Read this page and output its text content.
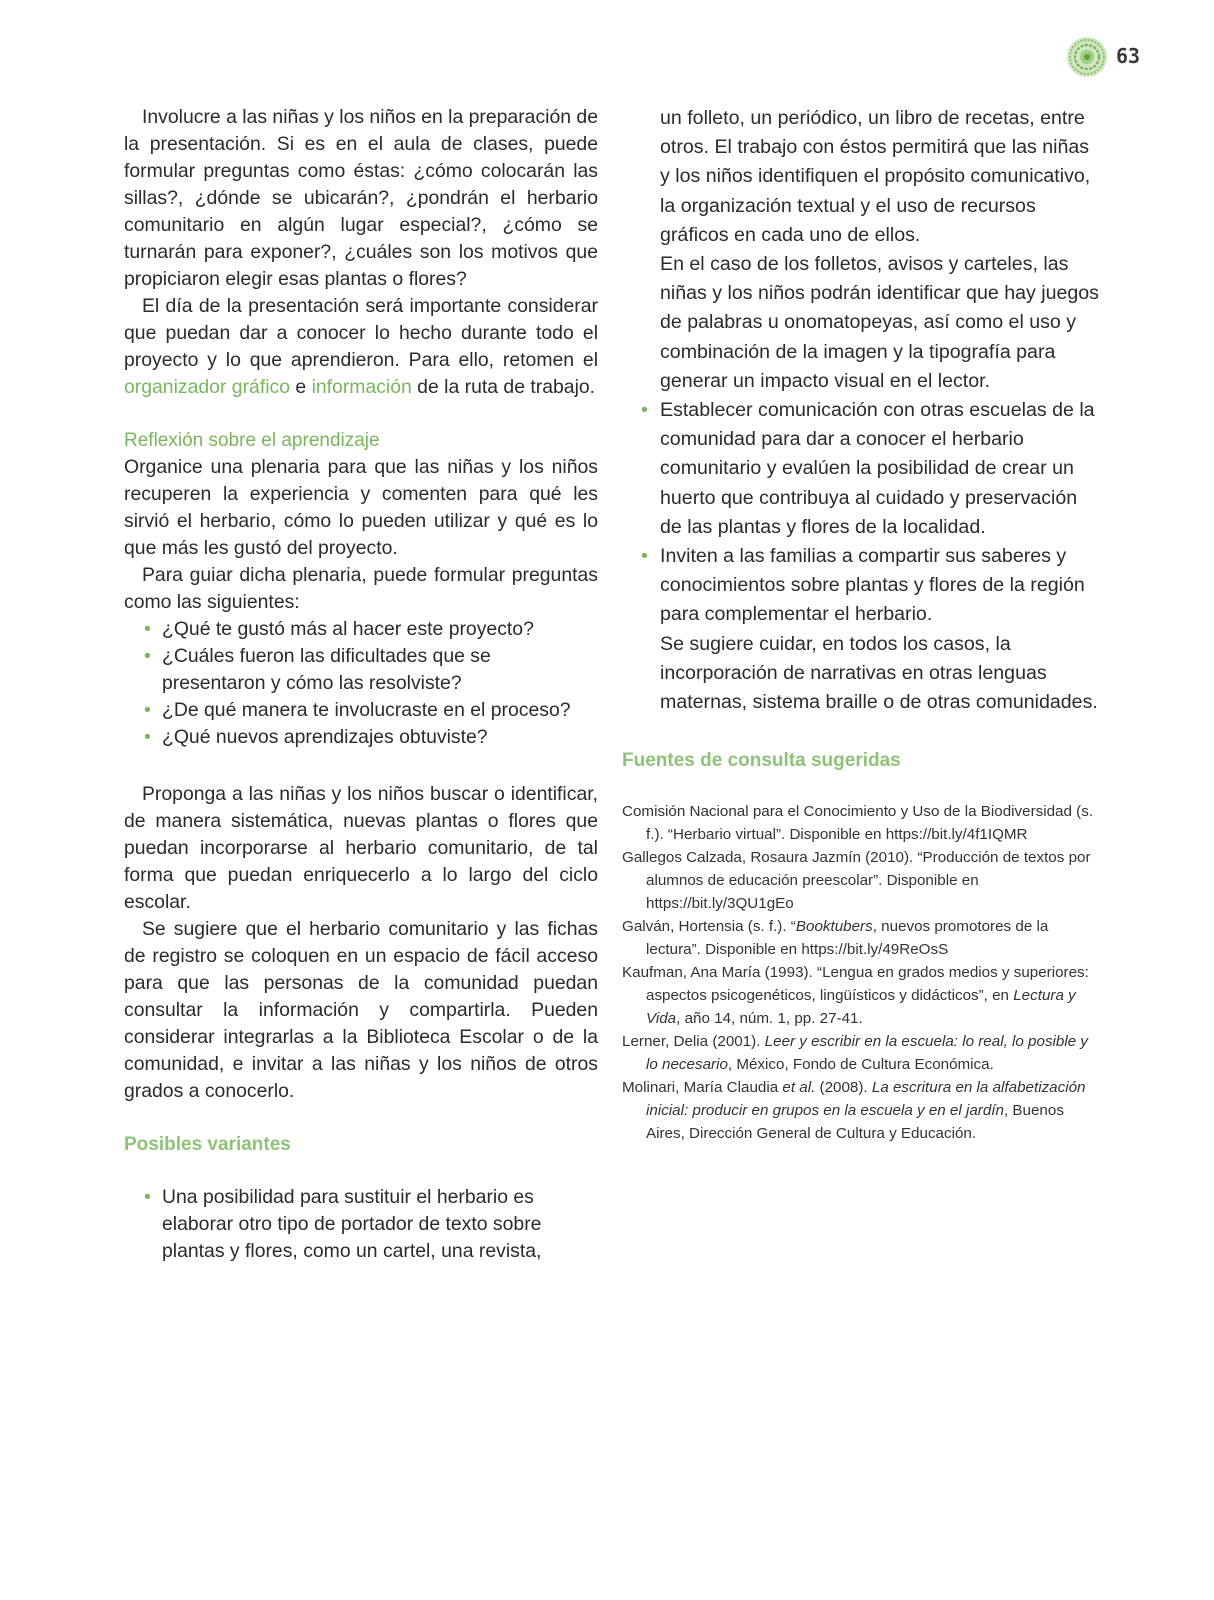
63

Involucre a las niñas y los niños en la preparación de la presentación. Si es en el aula de clases, puede formular preguntas como éstas: ¿cómo colocarán las sillas?, ¿dónde se ubicarán?, ¿pondrán el herbario comunitario en algún lugar especial?, ¿cómo se turnarán para exponer?, ¿cuáles son los motivos que propiciaron elegir esas plantas o flores?

El día de la presentación será importante considerar que puedan dar a conocer lo hecho durante todo el proyecto y lo que aprendieron. Para ello, retomen el organizador gráfico e información de la ruta de trabajo.

Reflexión sobre el aprendizaje

Organice una plenaria para que las niñas y los niños recuperen la experiencia y comenten para qué les sirvió el herbario, cómo lo pueden utilizar y qué es lo que más les gustó del proyecto.

Para guiar dicha plenaria, puede formular preguntas como las siguientes:

• ¿Qué te gustó más al hacer este proyecto?
• ¿Cuáles fueron las dificultades que se presentaron y cómo las resolviste?
• ¿De qué manera te involucraste en el proceso?
• ¿Qué nuevos aprendizajes obtuviste?

Proponga a las niñas y los niños buscar o identificar, de manera sistemática, nuevas plantas o flores que puedan incorporarse al herbario comunitario, de tal forma que puedan enriquecerlo a lo largo del ciclo escolar.

Se sugiere que el herbario comunitario y las fichas de registro se coloquen en un espacio de fácil acceso para que las personas de la comunidad puedan consultar la información y compartirla. Pueden considerar integrarlas a la Biblioteca Escolar o de la comunidad, e invitar a las niñas y los niños de otros grados a conocerlo.

Posibles variantes
• Una posibilidad para sustituir el herbario es elaborar otro tipo de portador de texto sobre plantas y flores, como un cartel, una revista,

un folleto, un periódico, un libro de recetas, entre otros. El trabajo con éstos permitirá que las niñas y los niños identifiquen el propósito comunicativo, la organización textual y el uso de recursos gráficos en cada uno de ellos.

En el caso de los folletos, avisos y carteles, las niñas y los niños podrán identificar que hay juegos de palabras u onomatopeyas, así como el uso y combinación de la imagen y la tipografía para generar un impacto visual en el lector.

• Establecer comunicación con otras escuelas de la comunidad para dar a conocer el herbario comunitario y evalúen la posibilidad de crear un huerto que contribuya al cuidado y preservación de las plantas y flores de la localidad.
• Inviten a las familias a compartir sus saberes y conocimientos sobre plantas y flores de la región para complementar el herbario.

Se sugiere cuidar, en todos los casos, la incorporación de narrativas en otras lenguas maternas, sistema braille o de otras comunidades.

Fuentes de consulta sugeridas

Comisión Nacional para el Conocimiento y Uso de la Biodiversidad (s. f.). “Herbario virtual”. Disponible en https://bit.ly/4f1IQMR

Gallegos Calzada, Rosaura Jazmín (2010). “Producción de textos por alumnos de educación preescolar”. Disponible en https://bit.ly/3QU1gEo

Galván, Hortensia (s. f.). “Booktubers, nuevos promotores de la lectura”. Disponible en https://bit.ly/49ReOsS

Kaufman, Ana María (1993). “Lengua en grados medios y superiores: aspectos psicogenéticos, lingüísticos y didácticos”, en Lectura y Vida, año 14, núm. 1, pp. 27-41.

Lerner, Delia (2001). Leer y escribir en la escuela: lo real, lo posible y lo necesario, México, Fondo de Cultura Económica.

Molinari, María Claudia et al. (2008). La escritura en la alfabetización inicial: producir en grupos en la escuela y en el jardín, Buenos Aires, Dirección General de Cultura y Educación.
